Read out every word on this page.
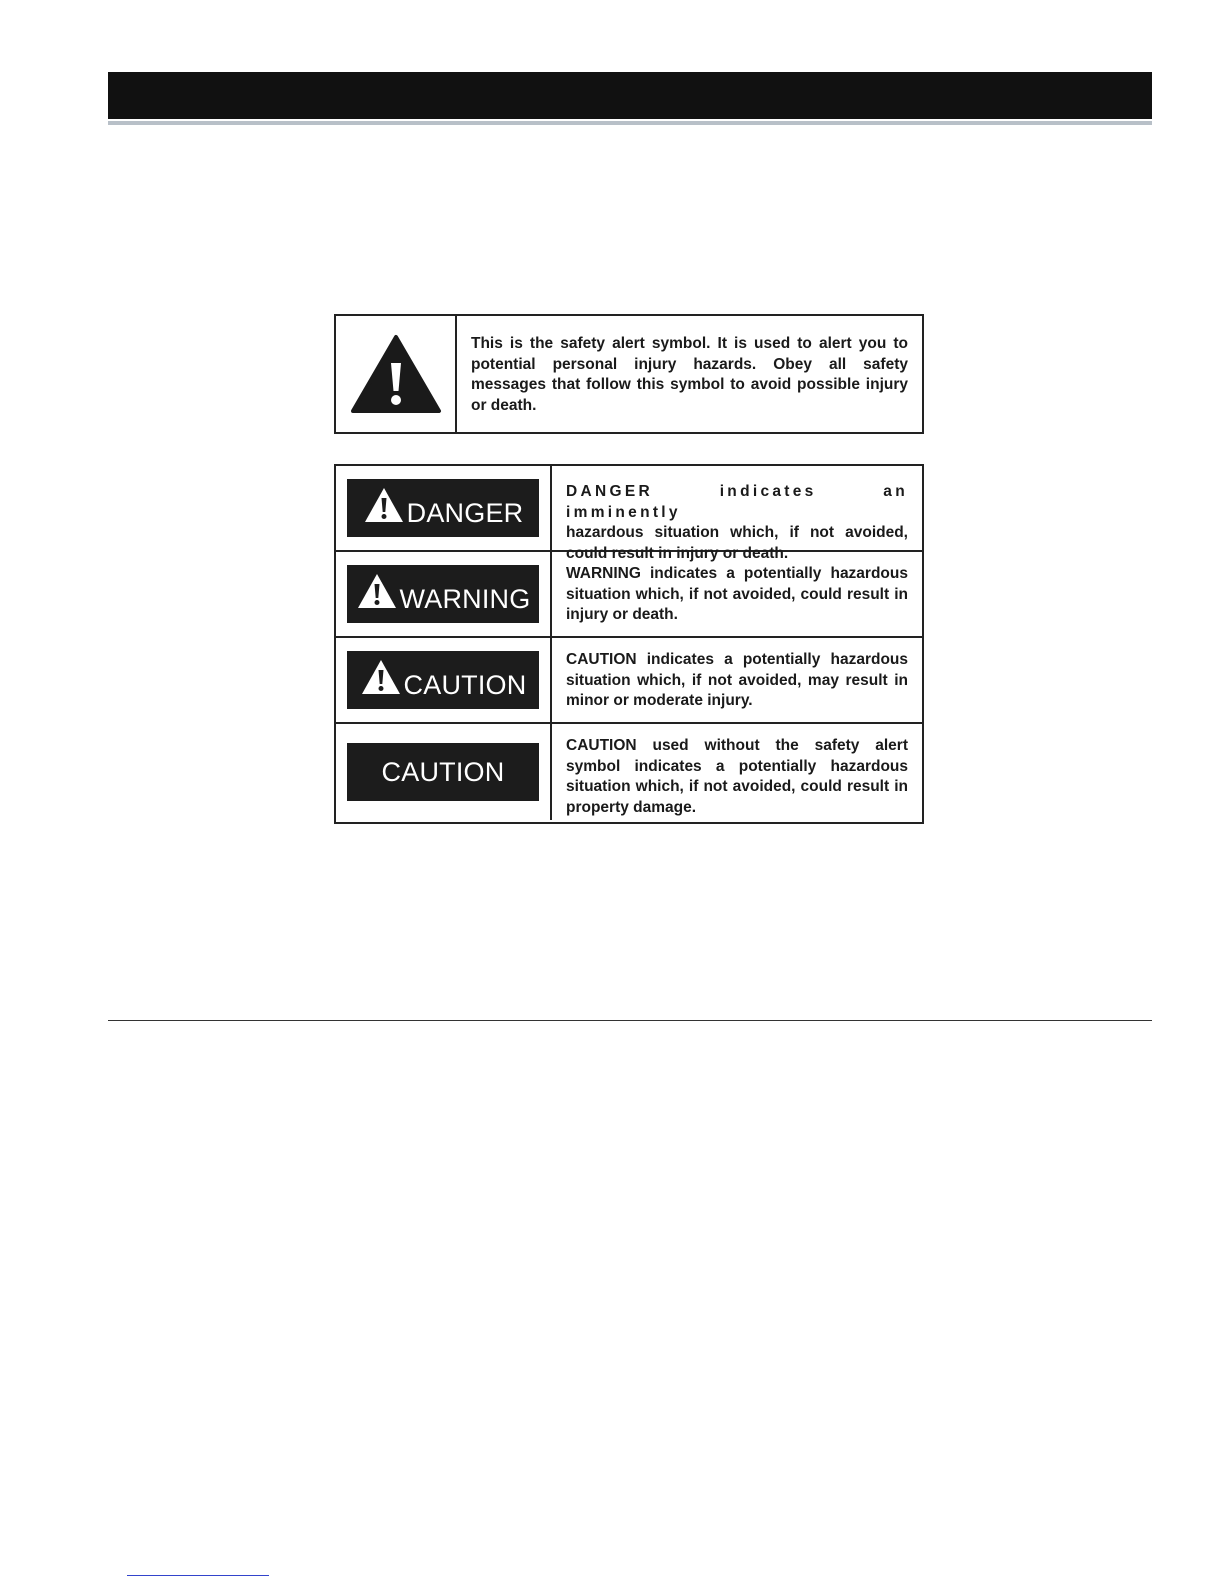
This is the safety alert symbol. It is used to alert you to potential personal injury hazards. Obey all safety messages that follow this symbol to avoid possible injury or death.
DANGER
DANGER indicates an imminently
hazardous situation which, if not avoided, could result in injury or death.
WARNING
WARNING indicates a potentially hazardous situation which, if not avoided, could result in injury or death.
CAUTION
CAUTION indicates a potentially hazardous situation which, if not avoided, may result in minor or moderate injury.
CAUTION
CAUTION used without the safety alert symbol indicates a potentially hazardous situation which, if not avoided, could result in property damage.
